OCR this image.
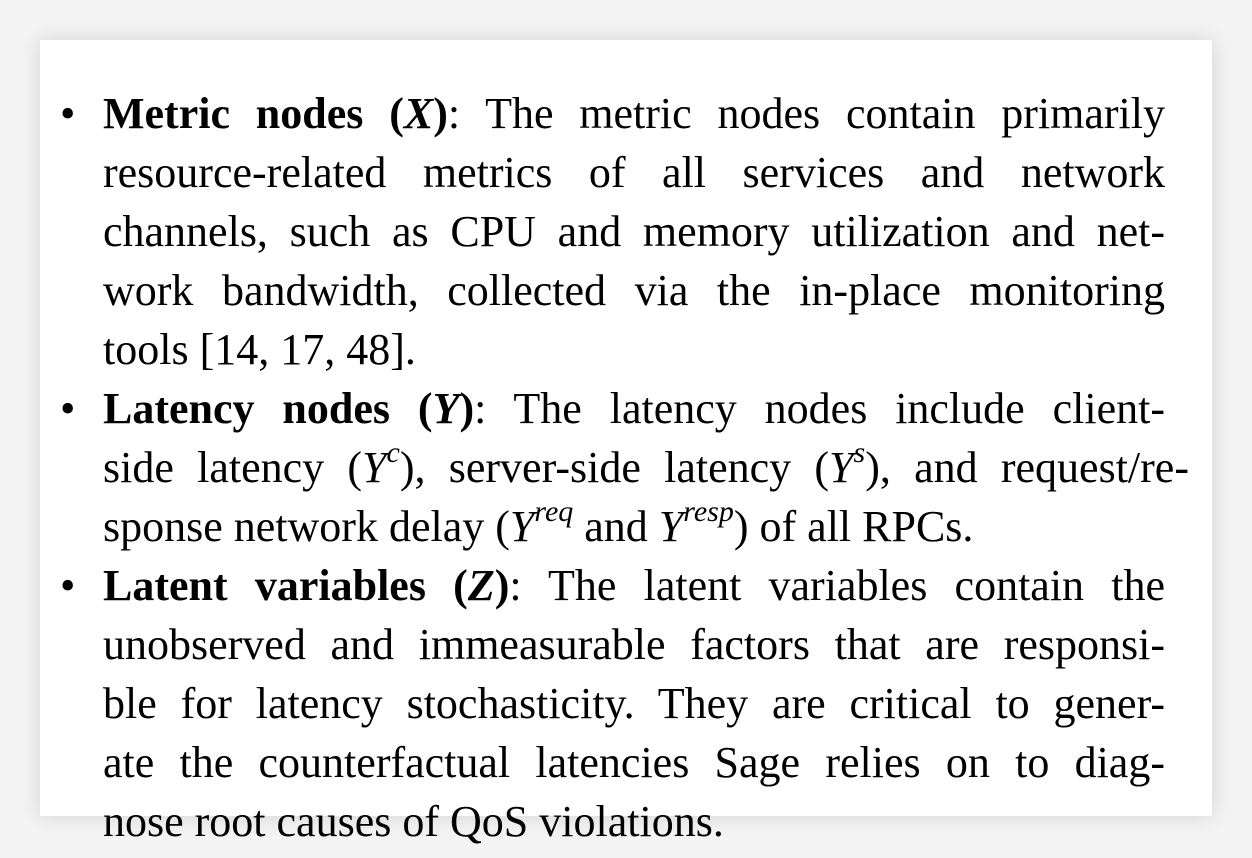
• Metric nodes (X): The metric nodes contain primarily
resource-related metrics of all services and network
channels, such as CPU and memory utilization and net-
work bandwidth, collected via the in-place monitoring
tools [14, 17, 48].
• Latency nodes (Y): The latency nodes include client-
side latency $(Y^c)$, server-side latency $(Y^s)$, and request/re-
sponse network delay ($Y^{req}$ and $Y^{resp}$) of all RPCs.
• Latent variables (Z): The latent variables contain the
unobserved and immeasurable factors that are responsi-
ble for latency stochasticity. They are critical to gener-
ate the counterfactual latencies Sage relies on to diag-
nose root causes of QoS violations.
